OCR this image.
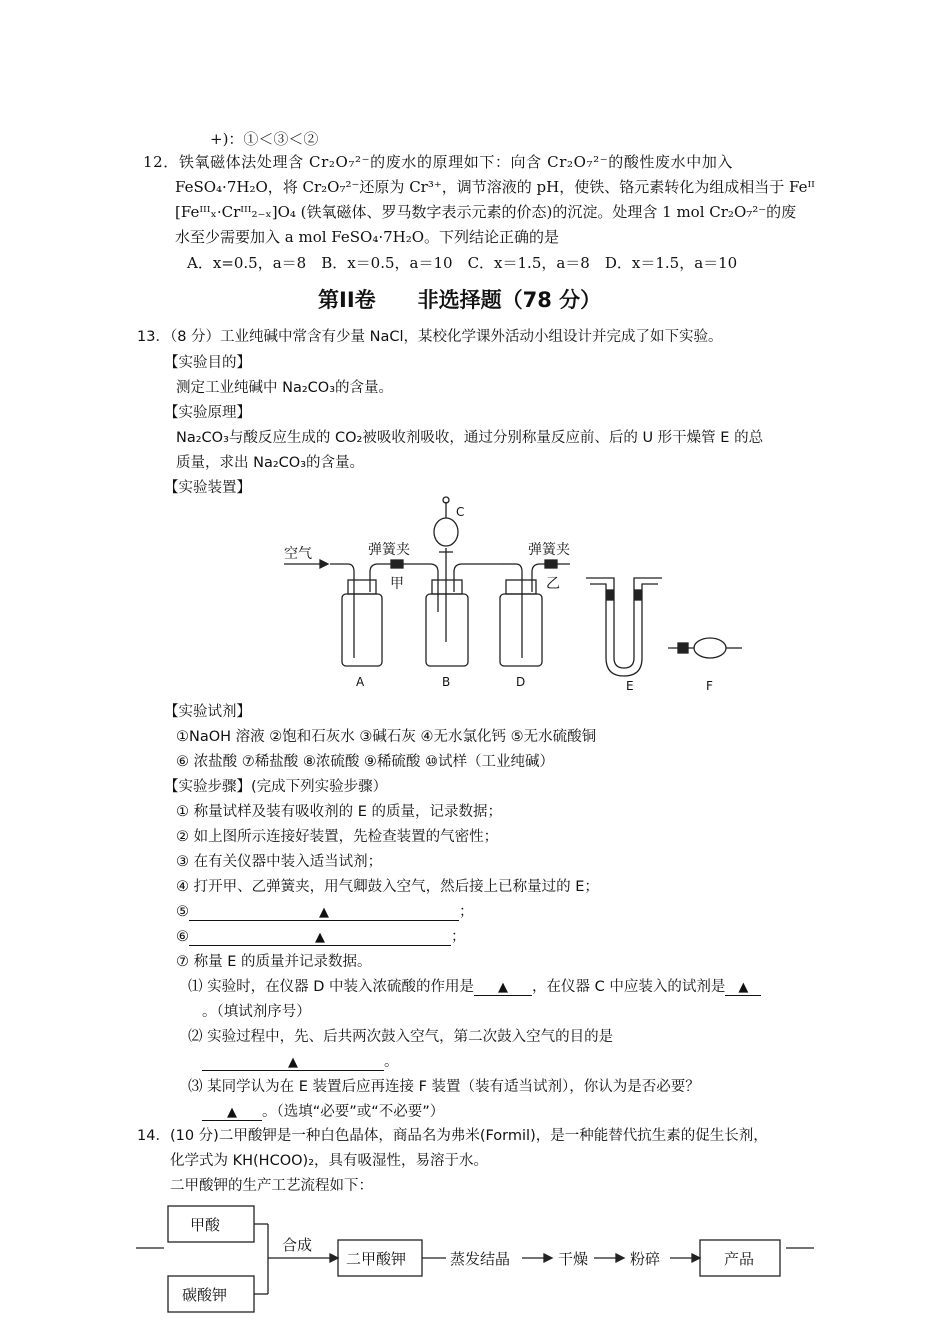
+)：①＜③＜②
12．铁氧磁体法处理含 Cr₂O₇²⁻的废水的原理如下：向含 Cr₂O₇²⁻的酸性废水中加入
FeSO₄·7H₂O，将 Cr₂O₇²⁻还原为 Cr³⁺，调节溶液的 pH，使铁、铬元素转化为组成相当于 Feᴵᴵ
[Feᴵᴵᴵₓ·Crᴵᴵᴵ₂₋ₓ]O₄ (铁氧磁体、罗马数字表示元素的价态)的沉淀。处理含 1 mol Cr₂O₇²⁻的废
水至少需要加入 a mol FeSO₄·7H₂O。下列结论正确的是
A．x=0.5，a＝8　B．x＝0.5，a＝10　C．x＝1.5，a＝8　D．x＝1.5，a＝10
第II卷　　非选择题（78 分）
13．（8 分）工业纯碱中常含有少量 NaCl，某校化学课外活动小组设计并完成了如下实验。
【实验目的】
测定工业纯碱中 Na₂CO₃的含量。
【实验原理】
Na₂CO₃与酸反应生成的 CO₂被吸收剂吸收，通过分别称量反应前、后的 U 形干燥管 E 的总
质量，求出 Na₂CO₃的含量。
【实验装置】
空气	弹簧夹	弹簧夹
甲	乙
C
A	B	D	E	F
【实验试剂】
①NaOH 溶液 ②饱和石灰水 ③碱石灰 ④无水氯化钙 ⑤无水硫酸铜
⑥ 浓盐酸 ⑦稀盐酸 ⑧浓硫酸 ⑨稀硫酸 ⑩试样（工业纯碱）
【实验步骤】(完成下列实验步骤）
① 称量试样及装有吸收剂的 E 的质量，记录数据；
② 如上图所示连接好装置，先检查装置的气密性；
③ 在有关仪器中装入适当试剂；
④ 打开甲、乙弹簧夹，用气卿鼓入空气，然后接上已称量过的 E；
⑤	▲	；
⑥	▲	；
⑦ 称量 E 的质量并记录数据。
⑴ 实验时，在仪器 D 中装入浓硫酸的作用是 ▲ ，在仪器 C 中应装入的试剂是 ▲
。（填试剂序号）
⑵ 实验过程中，先、后共两次鼓入空气，第二次鼓入空气的目的是
▲	。
⑶ 某同学认为在 E 装置后应再连接 F 装置（装有适当试剂），你认为是否必要？
▲ 。（选填“必要”或“不必要”）
14．(10 分)二甲酸钾是一种白色晶体，商品名为弗米(Formil)，是一种能替代抗生素的促生长剂，
化学式为 KH(HCOO)₂，具有吸湿性，易溶于水。
二甲酸钾的生产工艺流程如下：
甲酸
碳酸钾
合成
二甲酸钾	蒸发结晶	干燥	粉碎	产品
